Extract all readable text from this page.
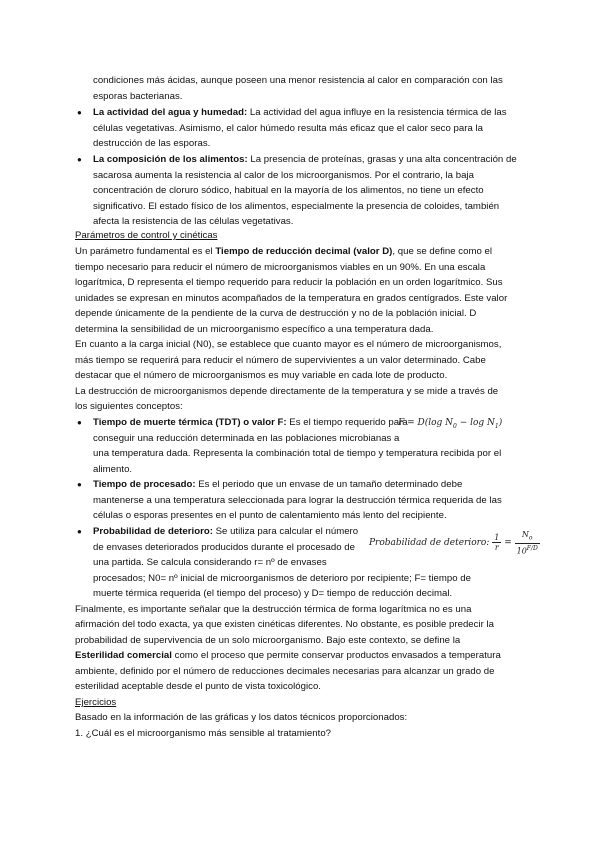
condiciones más ácidas, aunque poseen una menor resistencia al calor en comparación con las
esporas bacterianas.
● La actividad del agua y humedad: La actividad del agua influye en la resistencia térmica de las
células vegetativas. Asimismo, el calor húmedo resulta más eficaz que el calor seco para la
destrucción de las esporas.
● La composición de los alimentos: La presencia de proteínas, grasas y una alta concentración de
sacarosa aumenta la resistencia al calor de los microorganismos. Por el contrario, la baja
concentración de cloruro sódico, habitual en la mayoría de los alimentos, no tiene un efecto
significativo. El estado físico de los alimentos, especialmente la presencia de coloides, también
afecta la resistencia de las células vegetativas.
Parámetros de control y cinéticas
Un parámetro fundamental es el Tiempo de reducción decimal (valor D), que se define como el
tiempo necesario para reducir el número de microorganismos viables en un 90%. En una escala
logarítmica, D representa el tiempo requerido para reducir la población en un orden logarítmico. Sus
unidades se expresan en minutos acompañados de la temperatura en grados centígrados. Este valor
depende únicamente de la pendiente de la curva de destrucción y no de la población inicial. D
determina la sensibilidad de un microorganismo específico a una temperatura dada.
En cuanto a la carga inicial (N0), se establece que cuanto mayor es el número de microorganismos,
más tiempo se requerirá para reducir el número de supervivientes a un valor determinado. Cabe
destacar que el número de microorganismos es muy variable en cada lote de producto.
La destrucción de microorganismos depende directamente de la temperatura y se mide a través de
los siguientes conceptos:
● Tiempo de muerte térmica (TDT) o valor F: Es el tiempo requerido para
F = D(log $N_0 - \log N_1$)
conseguir una reducción determinada en las poblaciones microbianas a
una temperatura dada. Representa la combinación total de tiempo y temperatura recibida por el
alimento.
● Tiempo de procesado: Es el periodo que un envase de un tamaño determinado debe
mantenerse a una temperatura seleccionada para lograr la destrucción térmica requerida de las
células o esporas presentes en el punto de calentamiento más lento del recipiente.
● Probabilidad de deterioro: Se utiliza para calcular el número
Probabilidad de deterioro: $\frac{1}{r} = \frac{N_o}{10^{F/D}}$
de envases deteriorados producidos durante el procesado de
una partida. Se calcula considerando r= nº de envases
procesados; N0= nº inicial de microorganismos de deterioro por recipiente; F= tiempo de
muerte térmica requerida (el tiempo del proceso) y D= tiempo de reducción decimal.
Finalmente, es importante señalar que la destrucción térmica de forma logarítmica no es una
afirmación del todo exacta, ya que existen cinéticas diferentes. No obstante, es posible predecir la
probabilidad de supervivencia de un solo microorganismo. Bajo este contexto, se define la
Esterilidad comercial como el proceso que permite conservar productos envasados a temperatura
ambiente, definido por el número de reducciones decimales necesarias para alcanzar un grado de
esterilidad aceptable desde el punto de vista toxicológico.
Ejercicios
Basado en la información de las gráficas y los datos técnicos proporcionados:
1. ¿Cuál es el microorganismo más sensible al tratamiento?
